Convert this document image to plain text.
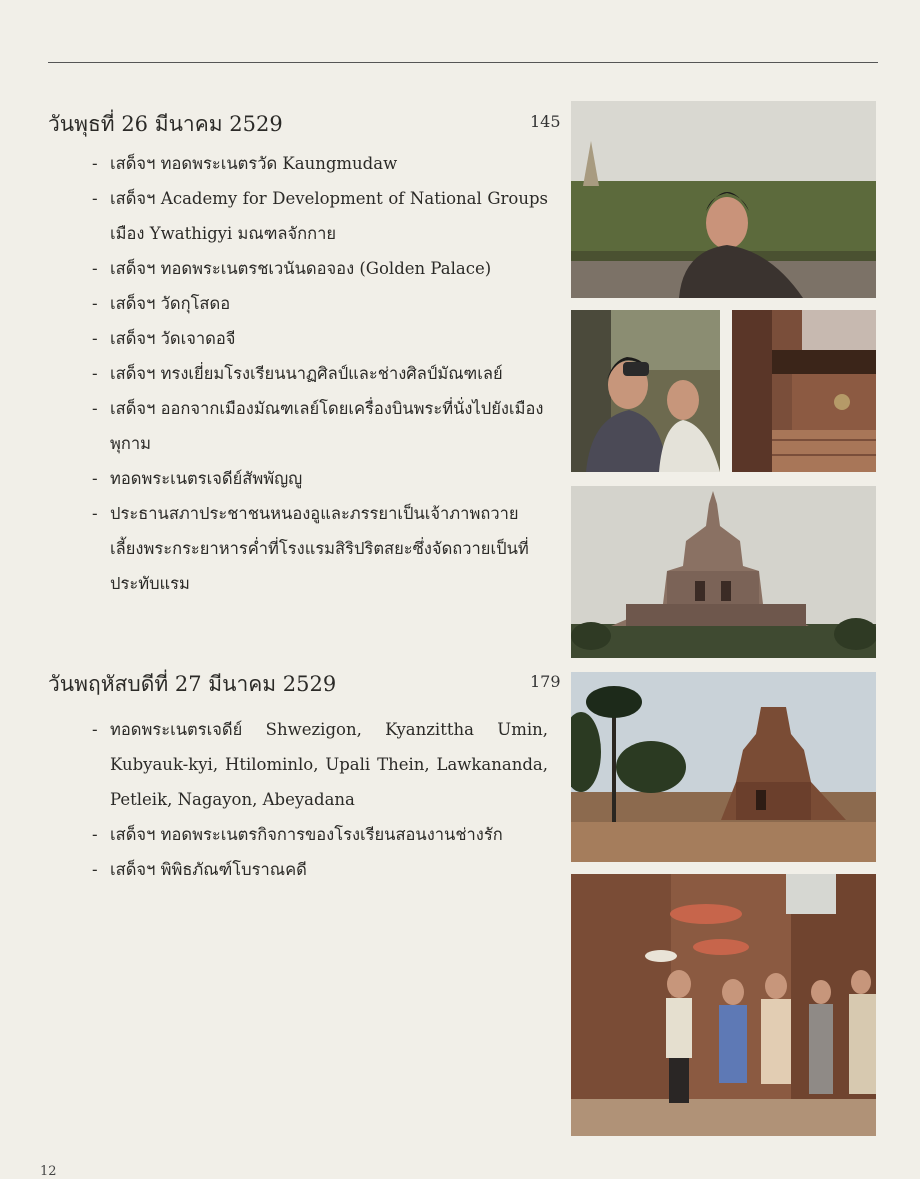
วันพุธที่ 26 มีนาคม 2529	145
- เสด็จฯ ทอดพระเนตรวัด Kaungmudaw
- เสด็จฯ Academy for Development of National Groups เมือง Ywathigyi มณฑลจักกาย
- เสด็จฯ ทอดพระเนตรชเวนันดอจอง (Golden Palace)
- เสด็จฯ วัดกุโสดอ
- เสด็จฯ วัดเจาดอจี
- เสด็จฯ ทรงเยี่ยมโรงเรียนนาฏศิลป์และช่างศิลป์มัณฑเลย์
- เสด็จฯ ออกจากเมืองมัณฑเลย์โดยเครื่องบินพระที่นั่งไปยังเมืองพุกาม
- ทอดพระเนตรเจดีย์สัพพัญญู
- ประธานสภาประชาชนหนองอูและภรรยาเป็นเจ้าภาพถวายเลี้ยงพระกระยาหารค่ำที่โรงแรมสิริปริตสยะซึ่งจัดถวายเป็นที่ประทับแรม
วันพฤหัสบดีที่ 27 มีนาคม 2529	179
- ทอดพระเนตรเจดีย์ Shwezigon, Kyanzittha Umin, Kubyauk-kyi, Htilominlo, Upali Thein, Lawkananda, Petleik, Nagayon, Abeyadana
- เสด็จฯ ทอดพระเนตรกิจการของโรงเรียนสอนงานช่างรัก
- เสด็จฯ พิพิธภัณฑ์โบราณคดี
12
